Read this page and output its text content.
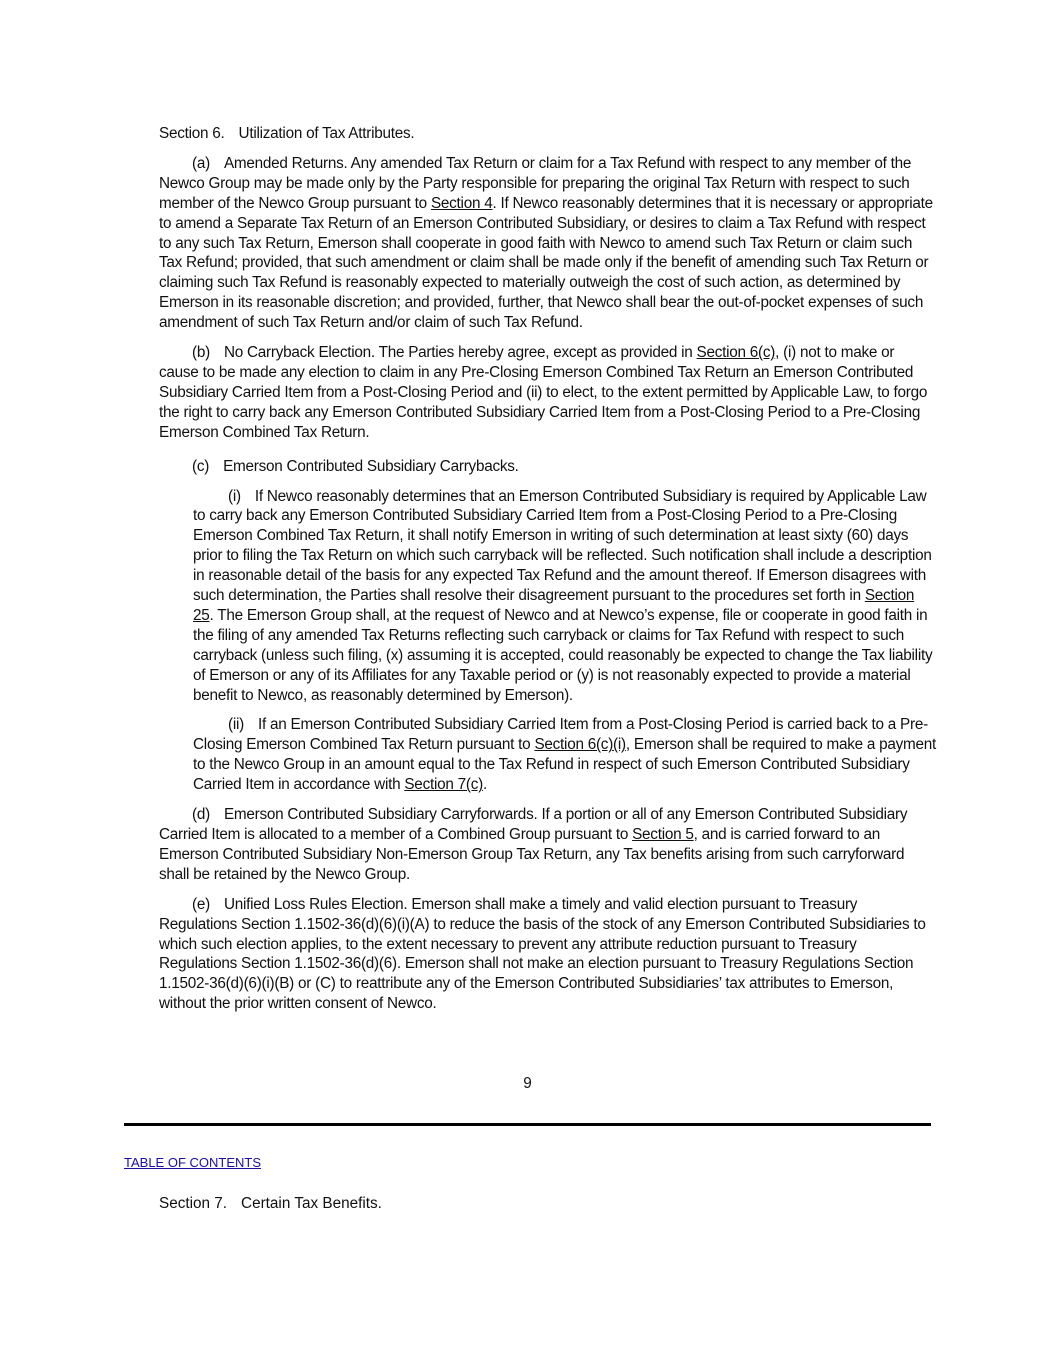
Section 6. Utilization of Tax Attributes.

(a) Amended Returns. Any amended Tax Return or claim for a Tax Refund with respect to any member of the Newco Group may be made only by the Party responsible for preparing the original Tax Return with respect to such member of the Newco Group pursuant to Section 4. If Newco reasonably determines that it is necessary or appropriate to amend a Separate Tax Return of an Emerson Contributed Subsidiary, or desires to claim a Tax Refund with respect to any such Tax Return, Emerson shall cooperate in good faith with Newco to amend such Tax Return or claim such Tax Refund; provided, that such amendment or claim shall be made only if the benefit of amending such Tax Return or claiming such Tax Refund is reasonably expected to materially outweigh the cost of such action, as determined by Emerson in its reasonable discretion; and provided, further, that Newco shall bear the out-of-pocket expenses of such amendment of such Tax Return and/or claim of such Tax Refund.

(b) No Carryback Election. The Parties hereby agree, except as provided in Section 6(c), (i) not to make or cause to be made any election to claim in any Pre-Closing Emerson Combined Tax Return an Emerson Contributed Subsidiary Carried Item from a Post-Closing Period and (ii) to elect, to the extent permitted by Applicable Law, to forgo the right to carry back any Emerson Contributed Subsidiary Carried Item from a Post-Closing Period to a Pre-Closing Emerson Combined Tax Return.

(c) Emerson Contributed Subsidiary Carrybacks.

(i) If Newco reasonably determines that an Emerson Contributed Subsidiary is required by Applicable Law to carry back any Emerson Contributed Subsidiary Carried Item from a Post-Closing Period to a Pre-Closing Emerson Combined Tax Return, it shall notify Emerson in writing of such determination at least sixty (60) days prior to filing the Tax Return on which such carryback will be reflected. Such notification shall include a description in reasonable detail of the basis for any expected Tax Refund and the amount thereof. If Emerson disagrees with such determination, the Parties shall resolve their disagreement pursuant to the procedures set forth in Section 25. The Emerson Group shall, at the request of Newco and at Newco’s expense, file or cooperate in good faith in the filing of any amended Tax Returns reflecting such carryback or claims for Tax Refund with respect to such carryback (unless such filing, (x) assuming it is accepted, could reasonably be expected to change the Tax liability of Emerson or any of its Affiliates for any Taxable period or (y) is not reasonably expected to provide a material benefit to Newco, as reasonably determined by Emerson).

(ii) If an Emerson Contributed Subsidiary Carried Item from a Post-Closing Period is carried back to a Pre-Closing Emerson Combined Tax Return pursuant to Section 6(c)(i), Emerson shall be required to make a payment to the Newco Group in an amount equal to the Tax Refund in respect of such Emerson Contributed Subsidiary Carried Item in accordance with Section 7(c).

(d) Emerson Contributed Subsidiary Carryforwards. If a portion or all of any Emerson Contributed Subsidiary Carried Item is allocated to a member of a Combined Group pursuant to Section 5, and is carried forward to an Emerson Contributed Subsidiary Non-Emerson Group Tax Return, any Tax benefits arising from such carryforward shall be retained by the Newco Group.

(e) Unified Loss Rules Election. Emerson shall make a timely and valid election pursuant to Treasury Regulations Section 1.1502-36(d)(6)(i)(A) to reduce the basis of the stock of any Emerson Contributed Subsidiaries to which such election applies, to the extent necessary to prevent any attribute reduction pursuant to Treasury Regulations Section 1.1502-36(d)(6). Emerson shall not make an election pursuant to Treasury Regulations Section 1.1502-36(d)(6)(i)(B) or (C) to reattribute any of the Emerson Contributed Subsidiaries’ tax attributes to Emerson, without the prior written consent of Newco.

9
TABLE OF CONTENTS
Section 7. Certain Tax Benefits.
